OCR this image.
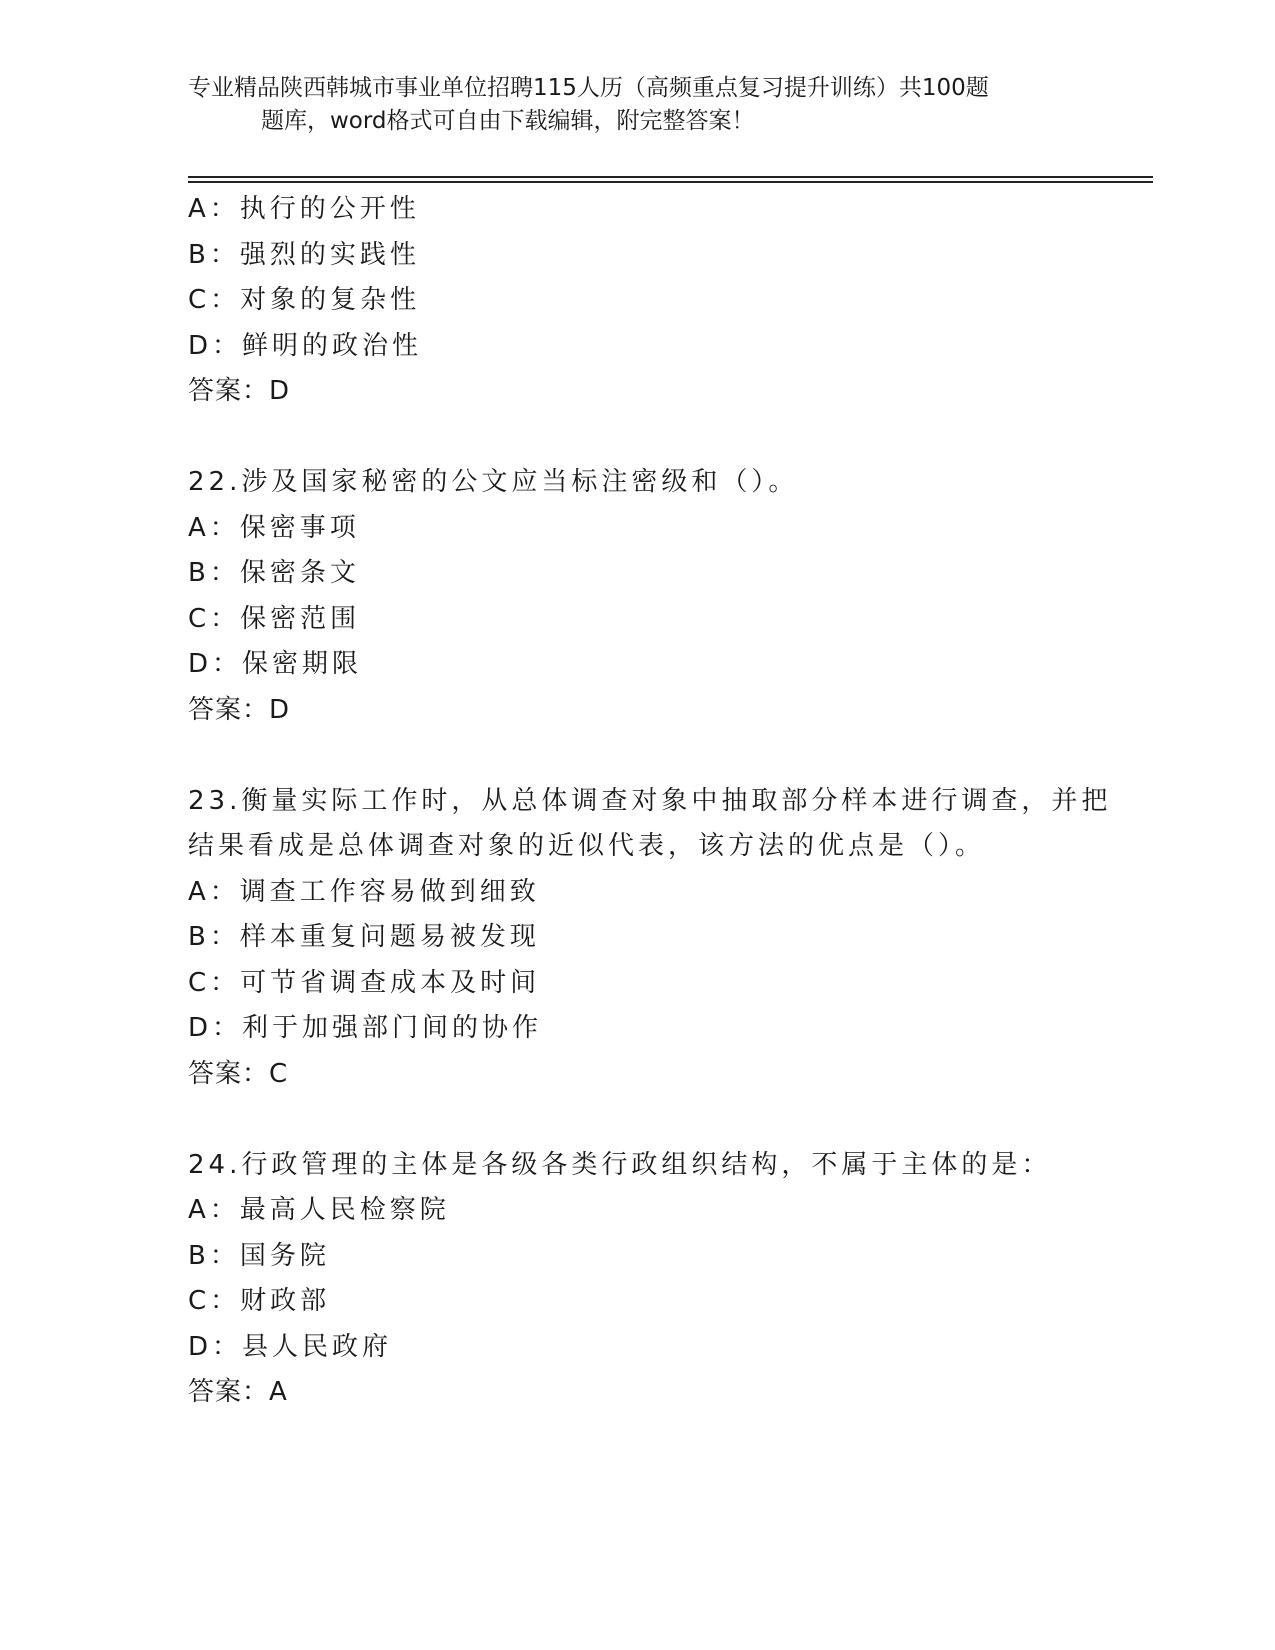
专业精品陕西韩城市事业单位招聘115人历（高频重点复习提升训练）共100题
题库，word格式可自由下载编辑，附完整答案！
A：执行的公开性
B：强烈的实践性
C：对象的复杂性
D：鲜明的政治性
答案：D
22.涉及国家秘密的公文应当标注密级和（）。
A：保密事项
B：保密条文
C：保密范围
D：保密期限
答案：D
23.衡量实际工作时，从总体调查对象中抽取部分样本进行调查，并把
结果看成是总体调查对象的近似代表，该方法的优点是（）。
A：调查工作容易做到细致
B：样本重复问题易被发现
C：可节省调查成本及时间
D：利于加强部门间的协作
答案：C
24.行政管理的主体是各级各类行政组织结构，不属于主体的是：
A：最高人民检察院
B：国务院
C：财政部
D：县人民政府
答案：A
